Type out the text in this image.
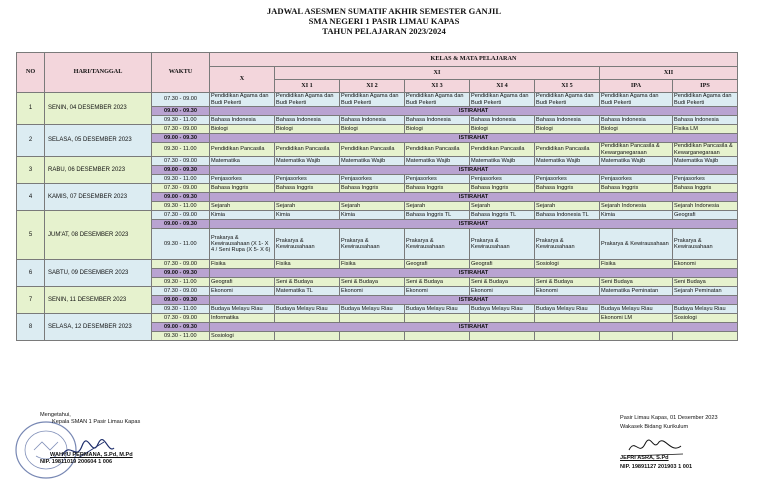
JADWAL ASESMEN SUMATIF AKHIR SEMESTER GANJIL
SMA NEGERI 1 PASIR LIMAU KAPAS
TAHUN PELAJARAN 2023/2024
NO	HARI/TANGGAL	WAKTU	KELAS & MATA PELAJARAN							
			X	XI					XII	
				XI 1	XI 2	XI 3	XI 4	XI 5	IPA	IPS
1	SENIN, 04 DESEMBER 2023	07.30 - 09.00	Pendidikan Agama dan Budi Pekerti	Pendidikan Agama dan Budi Pekerti	Pendidikan Agama dan Budi Pekerti	Pendidikan Agama dan Budi Pekerti	Pendidikan Agama dan Budi Pekerti	Pendidikan Agama dan Budi Pekerti	Pendidikan Agama dan Budi Pekerti	Pendidikan Agama dan Budi Pekerti
		09.00 - 09.30	ISTIRAHAT							
		09.30 - 11.00	Bahasa Indonesia	Bahasa Indonesia	Bahasa Indonesia	Bahasa Indonesia	Bahasa Indonesia	Bahasa Indonesia	Bahasa Indonesia	Bahasa Indonesia
2	SELASA, 05 DESEMBER 2023	07.30 - 09.00	Biologi	Biologi	Biologi	Biologi	Biologi	Biologi	Biologi	Fisika LM
		09.00 - 09.30	ISTIRAHAT							
		09.30 - 11.00	Pendidikan Pancasila	Pendidikan Pancasila	Pendidikan Pancasila	Pendidikan Pancasila	Pendidikan Pancasila	Pendidikan Pancasila	Pendidikan Pancasila & Kewarganegaraan	Pendidikan Pancasila & Kewarganegaraan
3	RABU, 06 DESEMBER 2023	07.30 - 09.00	Matematika	Matematika Wajib	Matematika Wajib	Matematika Wajib	Matematika Wajib	Matematika Wajib	Matematika Wajib	Matematika Wajib
		09.00 - 09.30	ISTIRAHAT							
		09.30 - 11.00	Penjasorkes	Penjasorkes	Penjasorkes	Penjasorkes	Penjasorkes	Penjasorkes	Penjasorkes	Penjasorkes
4	KAMIS, 07 DESEMBER 2023	07.30 - 09.00	Bahasa Inggris	Bahasa Inggris	Bahasa Inggris	Bahasa Inggris	Bahasa Inggris	Bahasa Inggris	Bahasa Inggris	Bahasa Inggris
		09.00 - 09.30	ISTIRAHAT							
		09.30 - 11.00	Sejarah	Sejarah	Sejarah	Sejarah	Sejarah	Sejarah	Sejarah Indonesia	Sejarah Indonesia
5	JUM'AT, 08 DESEMBER 2023	07.30 - 09.00	Kimia	Kimia	Kimia	Bahasa Inggris TL	Bahasa Inggris TL	Bahasa Indonesia TL	Kimia	Geografi
		09.00 - 09.30	ISTIRAHAT							
		09.30 - 11.00	Prakarya & Kewirausahaan (X 1- X 4 / Seni Rupa (X 5- X 6)	Prakarya & Kewirausahaan	Prakarya & Kewirausahaan	Prakarya & Kewirausahaan	Prakarya & Kewirausahaan	Prakarya & Kewirausahaan	Prakarya & Kewirausahaan	Prakarya & Kewirausahaan
6	SABTU, 09 DESEMBER 2023	07.30 - 09.00	Fisika	Fisika	Fisika	Geografi	Geografi	Sosiologi	Fisika	Ekonomi
		09.00 - 09.30	ISTIRAHAT							
		09.30 - 11.00	Geografi	Seni & Budaya	Seni & Budaya	Seni & Budaya	Seni & Budaya	Seni & Budaya	Seni Budaya	Seni Budaya
7	SENIN, 11 DESEMBER 2023	07.30 - 09.00	Ekonomi	Matematika TL	Ekonomi	Ekonomi	Ekonomi	Ekonomi	Matematika Peminatan	Sejarah Peminatan
		09.00 - 09.30	ISTIRAHAT							
		09.30 - 11.00	Budaya Melayu Riau	Budaya Melayu Riau	Budaya Melayu Riau	Budaya Melayu Riau	Budaya Melayu Riau	Budaya Melayu Riau	Budaya Melayu Riau	Budaya Melayu Riau
8	SELASA, 12 DESEMBER 2023	07.30 - 09.00	Informatika						Ekonomi LM	Sosiologi
		09.00 - 09.30	ISTIRAHAT							
		09.30 - 11.00	Sosiologi							
Mengetahui,
Kepala SMAN 1 Pasir Limau Kapas
WAHYU PERMANA, S.Pd, M.Pd
NIP. 19811019 200604 1 006
Pasir Limau Kapas, 01 Desember 2023
Wakasek Bidang Kurikulum
JEFRI ASRA, S.Pd
NIP. 19891127 201903 1 001
